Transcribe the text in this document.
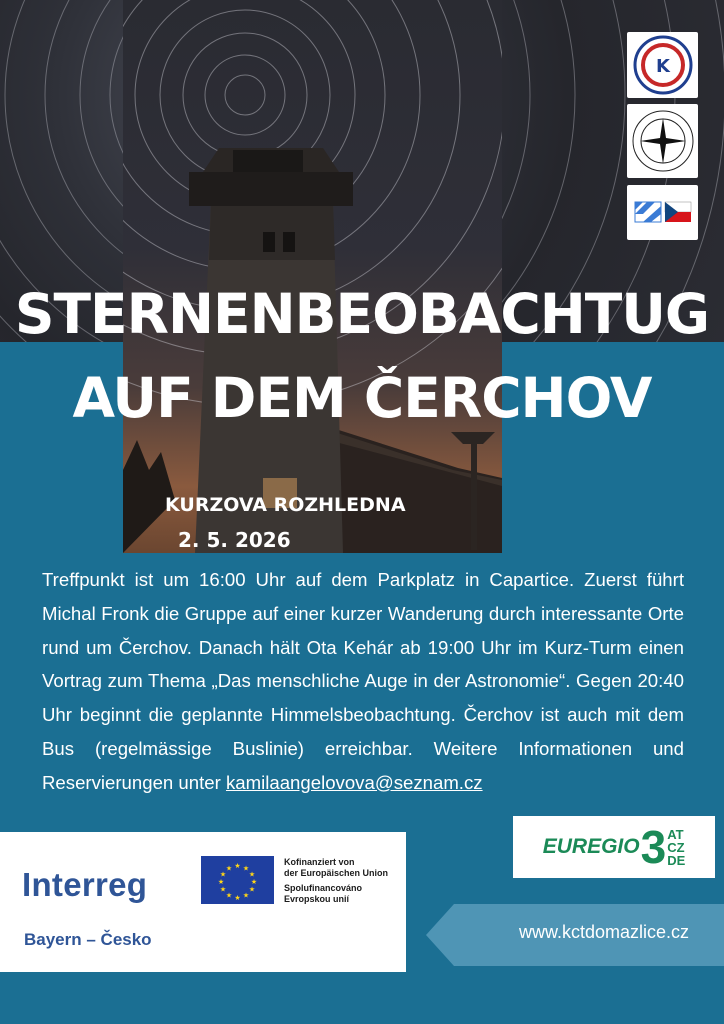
K
STERNENBEOBACHTUG
AUF DEM ČERCHOV
KURZOVA ROZHLEDNA
2. 5. 2026
Treffpunkt ist um 16:00 Uhr auf dem Parkplatz in Capartice. Zuerst führt Michal Fronk die Gruppe auf einer kurzer Wanderung durch interessante Orte rund um Čerchov. Danach hält Ota Kehár ab 19:00 Uhr im Kurz-Turm einen Vortrag zum Thema „Das menschliche Auge in der Astronomie“. Gegen 20:40 Uhr beginnt die geplannte Himmelsbeobachtung. Čerchov ist auch mit dem Bus (regelmässige Buslinie) erreichbar. Weitere Informationen und Reservierungen unter kamilaangelovova@seznam.cz
EUREGIO 3 AT
CZ
DE
Interreg	★ ★
★
★
★
★
★
★
★
★
★
★
Kofinanziert von
der Europäischen Union
Spolufinancováno
Evropskou unií
Bayern – Česko	www.kctdomazlice.cz
